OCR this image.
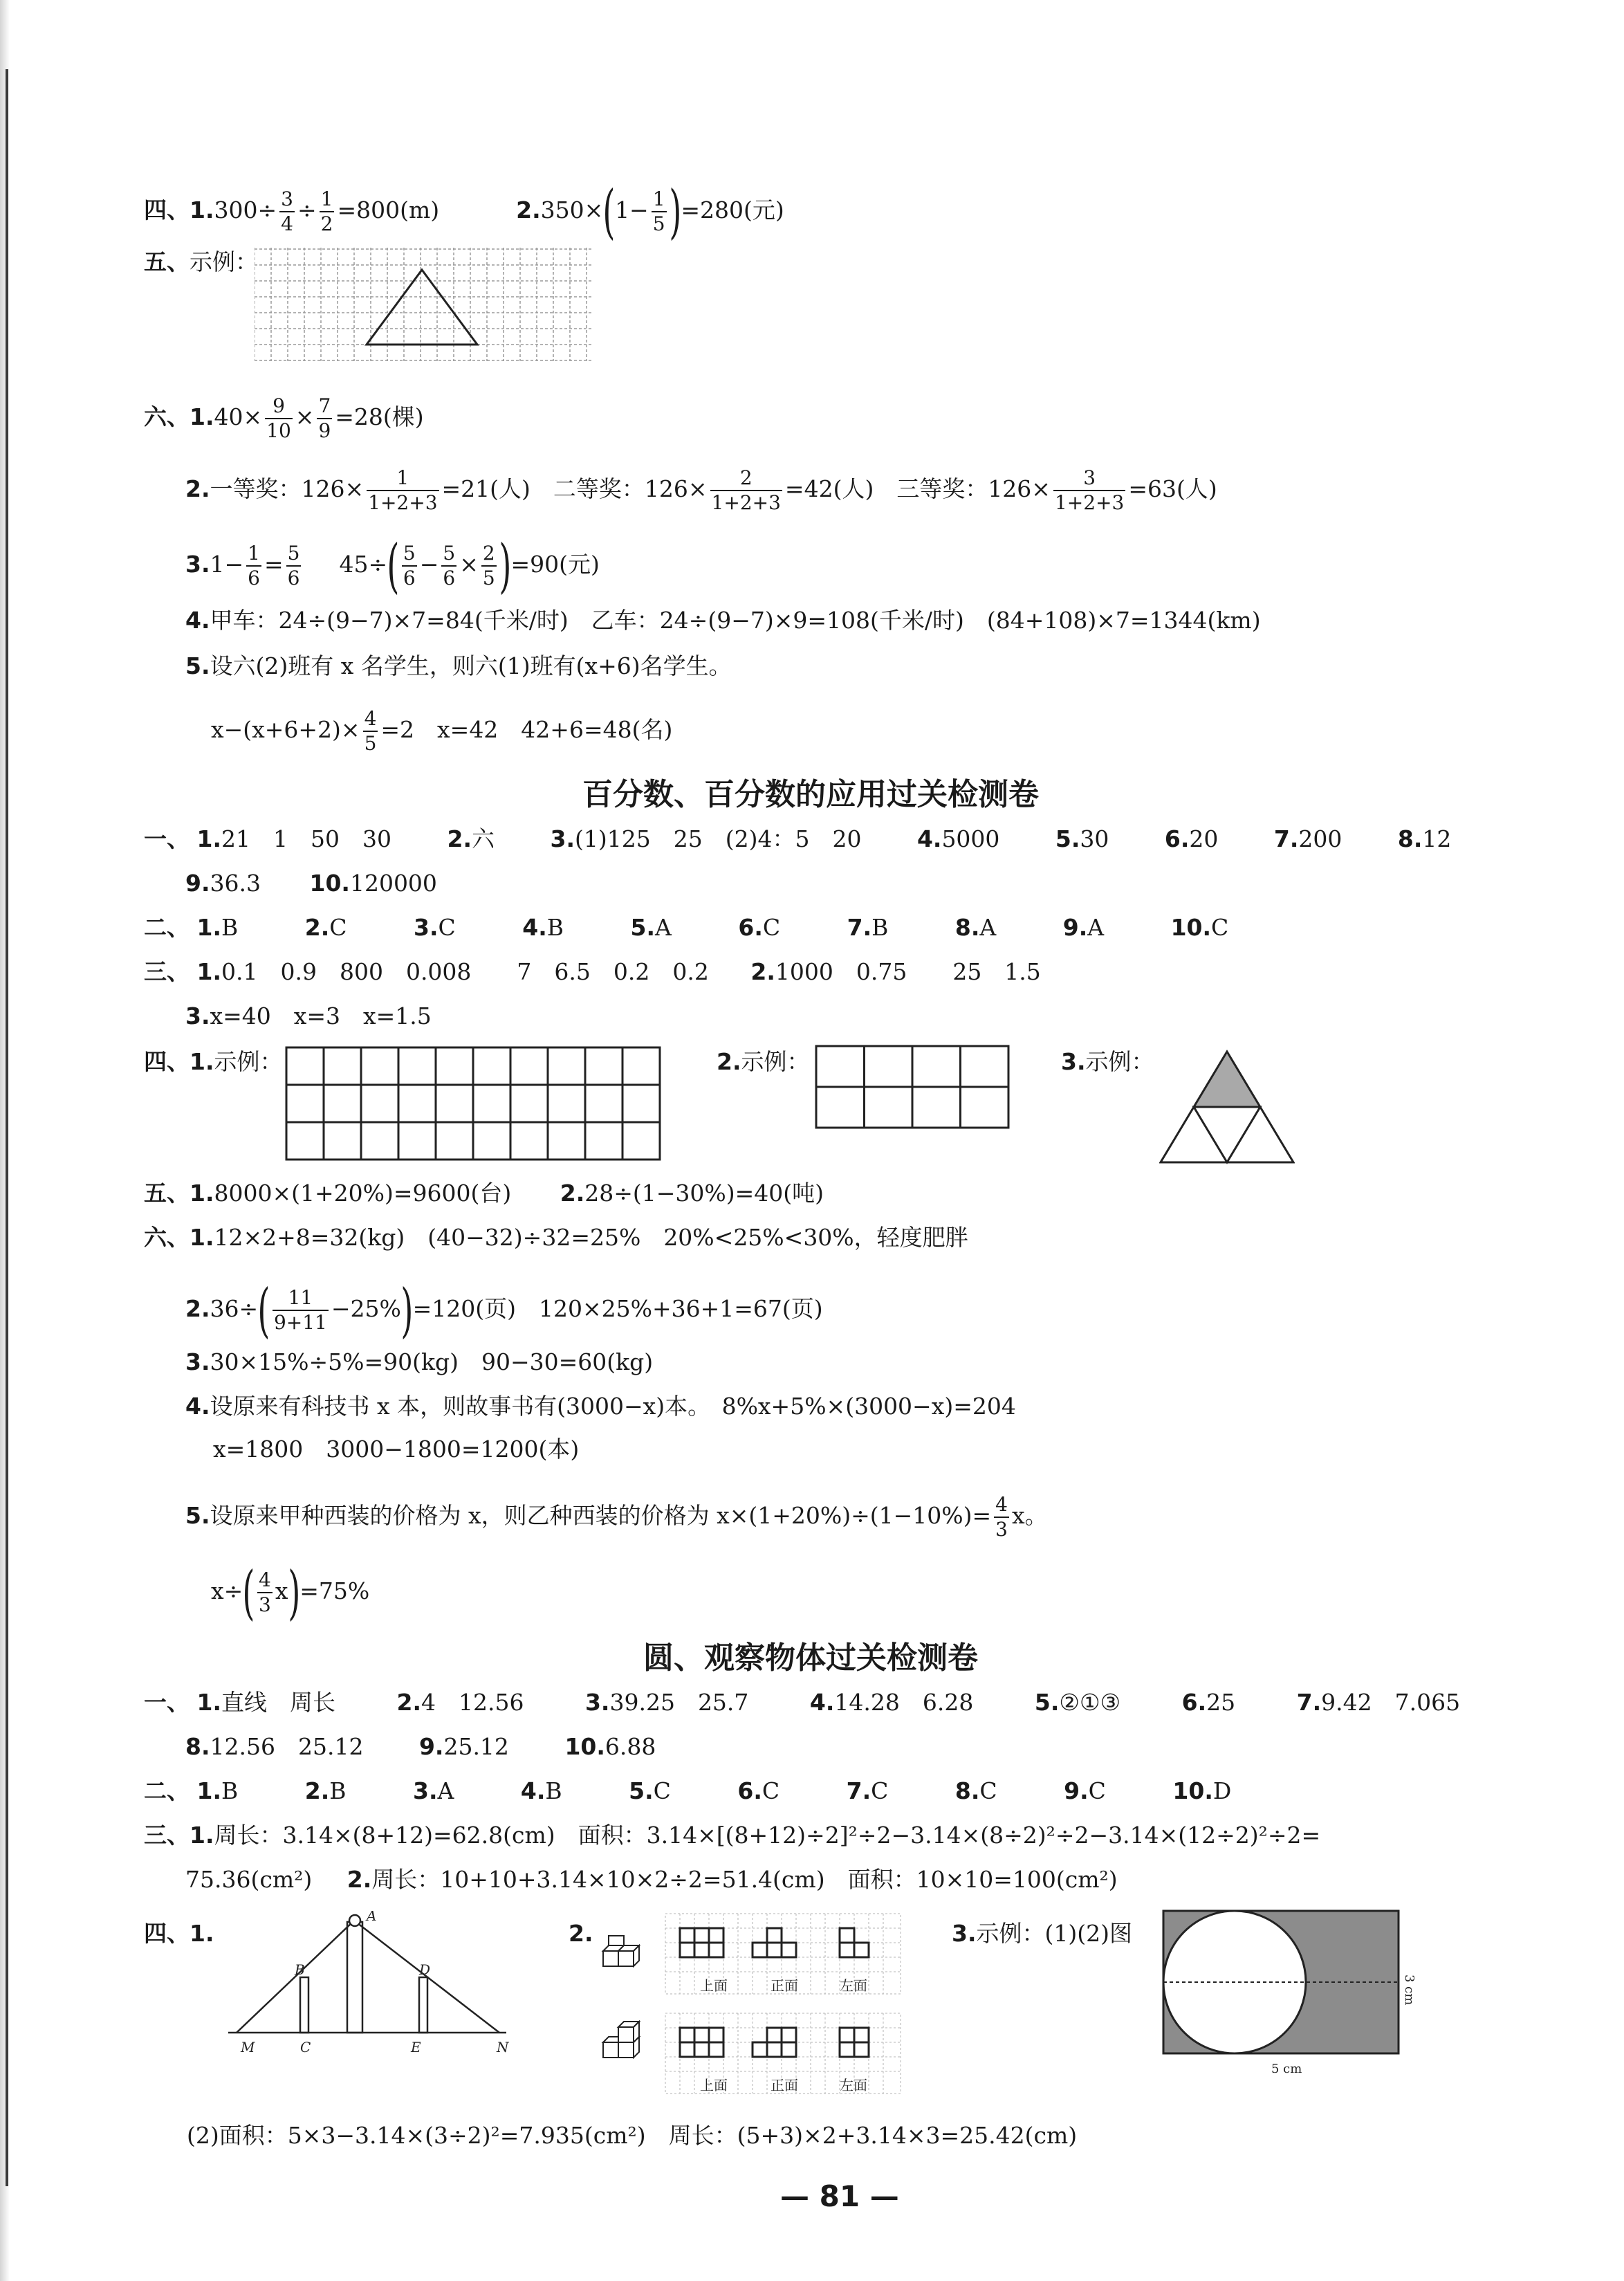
四、$1.300\div \frac{3}{4} \div \frac{1}{2} =800(m)$	$2.350\times(1- \frac{1}{5} )=280$(元)
五、示例：
六、$1.40\times \frac{9}{10} \times \frac{7}{9} =28$(棵)
2.一等奖：$126\times \frac{1}{1+2+3} =21$(人)　二等奖：$126\times \frac{2}{1+2+3} =42$(人)　三等奖：$126\times \frac{3}{1+2+3} =63$(人)
$3.1- \frac{1}{6} = \frac{5}{6} 45\div( \frac{5}{6} - \frac{5}{6} \times \frac{2}{5} )=90$(元)
4.甲车：24÷(9−7)×7=84(千米/时)　乙车：24÷(9−7)×9=108(千米/时)　(84+108)×7=1344(km)
5.设六(2)班有 x 名学生，则六(1)班有(x+6)名学生。
$x-(x+6+2)\times \frac{4}{5} =2$　x=42　42+6=48(名)
百分数、百分数的应用过关检测卷
一、 1.21　1　50　30 2.六 3.(1)125　25　(2)4：5　20 4.5000 5.30 6.20 7.200 8.12
9.36.3 10.120000
二、 1.B	2.C	3.C	4.B	5.A	6.C	7.B	8.A	9.A	10.C
三、 1.0.1　0.9　800　0.008　　7　6.5　0.2　0.2 2.1000　0.75　　25　1.5
3.x=40　x=3　x=1.5
四、1.示例：	2.示例：	3.示例：
五、1.8000×(1+20%)=9600(台) 2.28÷(1−30%)=40(吨)
六、1.12×2+8=32(kg)　(40−32)÷32=25%　20%<25%<30%，轻度肥胖
$2.36\div( \frac{11}{9+11} -25\%)=120$(页)　120×25%+36+1=67(页)
3.30×15%÷5%=90(kg)　90−30=60(kg)
4.设原来有科技书 x 本，则故事书有(3000−x)本。　8%x+5%×(3000−x)=204
x=1800　3000−1800=1200(本)
5.设原来甲种西装的价格为 x，则乙种西装的价格为 $x\times(1+20\%)\div(1-10\%)= \frac{4}{3}$ x。
$x\div( \frac{4}{3} x)=75\%$
圆、观察物体过关检测卷
一、 1.直线　周长	2.4　12.56	3.39.25　25.7	4.14.28　6.28	5.②①③	6.25	7.9.42　7.065
8.12.56　25.12 9.25.12 10.6.88
二、 1.B	2.B	3.A	4.B	5.C	6.C	7.C	8.C	9.C	10.D
三、1.周长：3.14×(8+12)=62.8(cm)　面积：3.14×[(8+12)÷2]²÷2−3.14×(8÷2)²÷2−3.14×(12÷2)²÷2=
75.36(cm²) 2.周长：10+10+3.14×10×2÷2=51.4(cm)　面积：10×10=100(cm²)
四、1.
A
B	D
M	C	E	N
2.
上面	正面	左面
上面	正面	左面
3.示例：(1)(2)图
5 cm
3 cm
(2)面积：5×3−3.14×(3÷2)²=7.935(cm²)　周长：(5+3)×2+3.14×3=25.42(cm)
— 81 —
